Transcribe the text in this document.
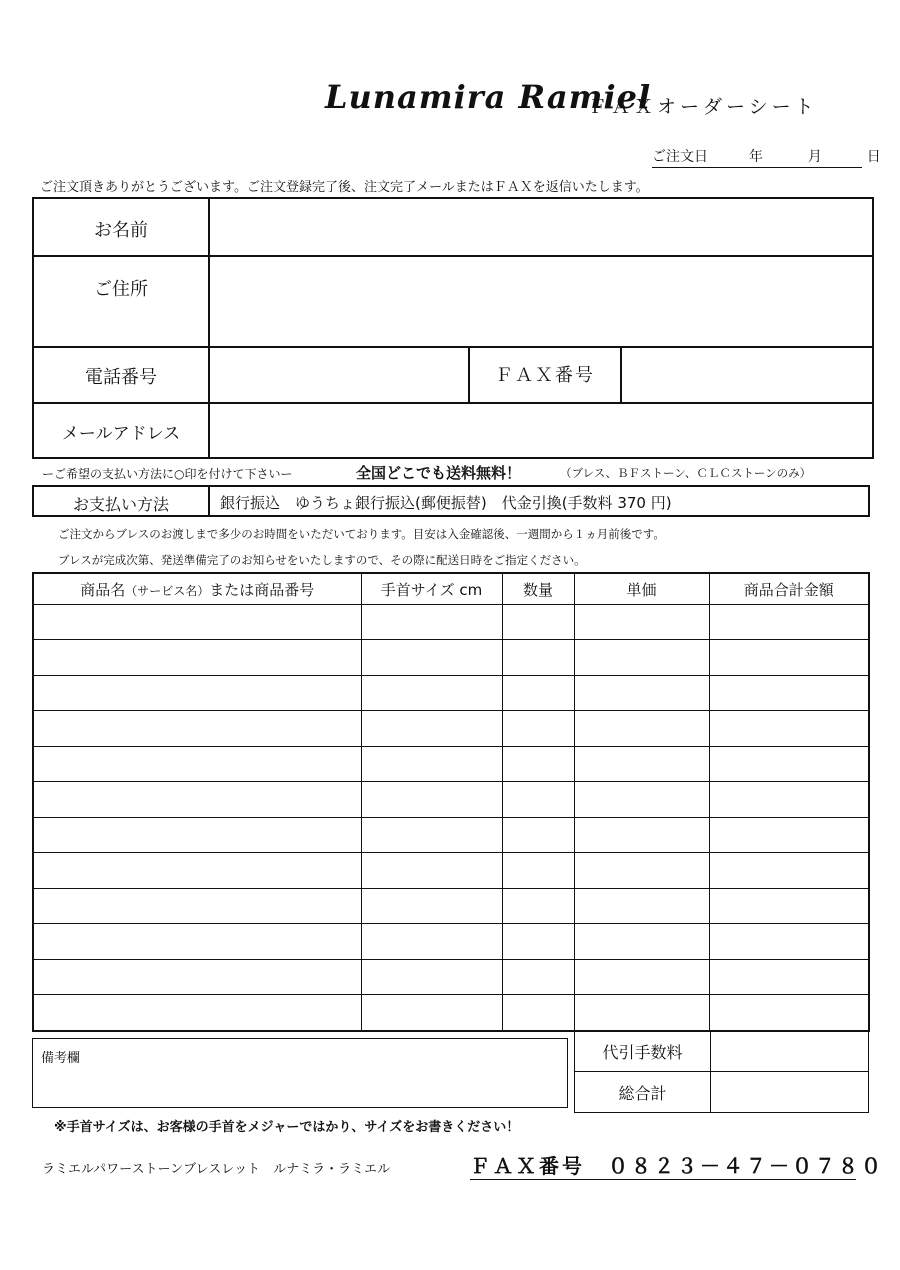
Lunamira Ramiel
ＦＡＸオーダーシート
ご注文日	年	月	日
ご注文頂きありがとうございます。ご注文登録完了後、注文完了メールまたはＦＡＸを返信いたします。
お名前
ご住所
電話番号	ＦＡＸ番号
メールアドレス
ーご希望の支払い方法に○印を付けて下さいー	全国どこでも送料無料！	（ブレス、ＢＦストーン、ＣＬＣストーンのみ）
お支払い方法	銀行振込　ゆうちょ銀行振込(郵便振替)　代金引換(手数料 370 円)
ご注文からブレスのお渡しまで多少のお時間をいただいております。目安は入金確認後、一週間から１ヵ月前後です。
ブレスが完成次第、発送準備完了のお知らせをいたしますので、その際に配送日時をご指定ください。
商品名（サービス名）または商品番号	手首サイズ cm	数量	単価	商品合計金額

備考欄	代引手数料	
総合計	
※手首サイズは、お客様の手首をメジャーではかり、サイズをお書きください！
ラミエルパワーストーンブレスレット　ルナミラ・ラミエル	ＦＡＸ番号　０８２３－４７－０７８０
